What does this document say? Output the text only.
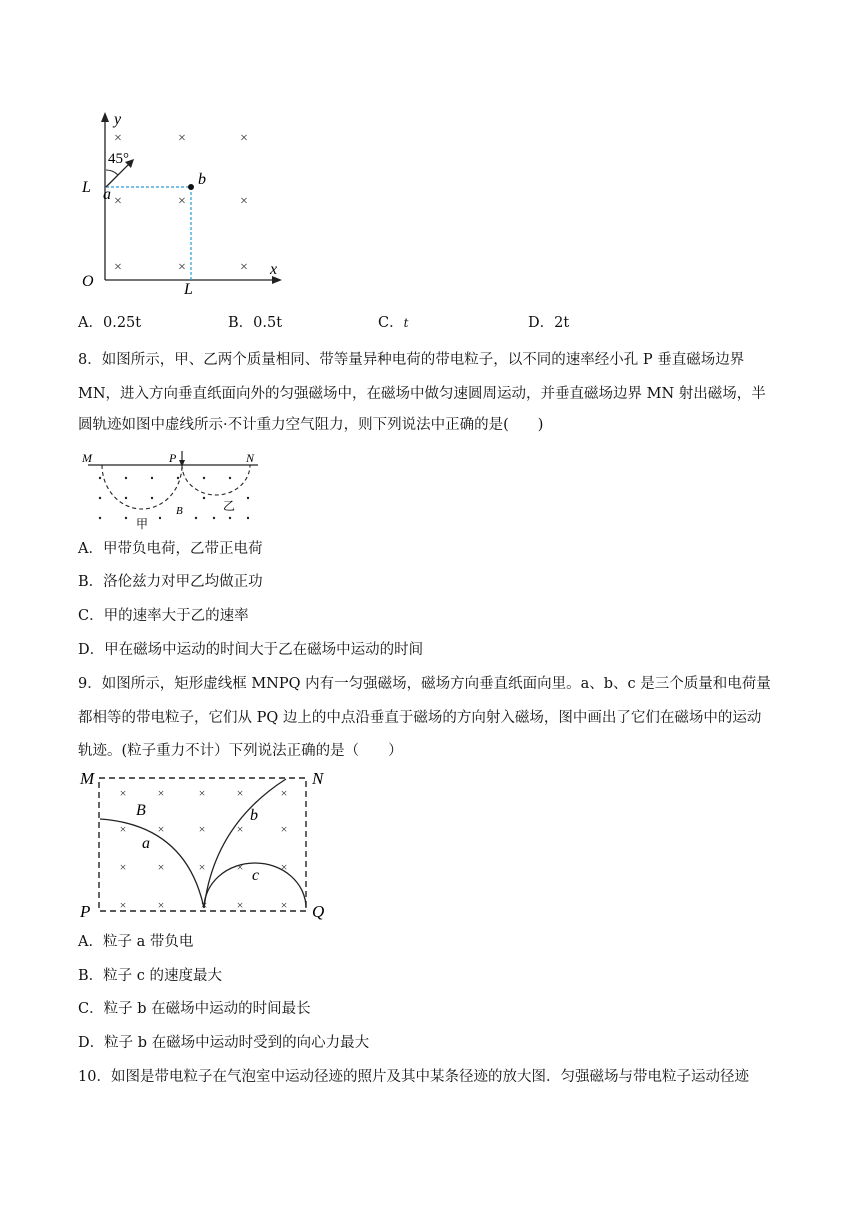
y
x
O
L
L
b
a
45°
×	×	×
×	×	×
×	×	×
A．0.25t	B．0.5t	C．t	D．2t
8．如图所示，甲、乙两个质量相同、带等量异种电荷的带电粒子，以不同的速率经小孔 P 垂直磁场边界
MN，进入方向垂直纸面向外的匀强磁场中，在磁场中做匀速圆周运动，并垂直磁场边界 MN 射出磁场，半
圆轨迹如图中虚线所示·不计重力空气阻力，则下列说法中正确的是(　　)
M	P	N
B
甲
乙
A．甲带负电荷，乙带正电荷
B．洛伦兹力对甲乙均做正功
C．甲的速率大于乙的速率
D．甲在磁场中运动的时间大于乙在磁场中运动的时间
9．如图所示，矩形虚线框 MNPQ 内有一匀强磁场，磁场方向垂直纸面向里。a、b、c 是三个质量和电荷量
都相等的带电粒子，它们从 PQ 边上的中点沿垂直于磁场的方向射入磁场，图中画出了它们在磁场中的运动
轨迹。(粒子重力不计）下列说法正确的是（　　）
M	N
P	Q
B
a
b
c
×	×	×	×	×
×	×	×	×	×
×	×	×	×	×
×	×	× ×	×
A．粒子 a 带负电
B．粒子 c 的速度最大
C．粒子 b 在磁场中运动的时间最长
D．粒子 b 在磁场中运动时受到的向心力最大
10．如图是带电粒子在气泡室中运动径迹的照片及其中某条径迹的放大图．匀强磁场与带电粒子运动径迹
